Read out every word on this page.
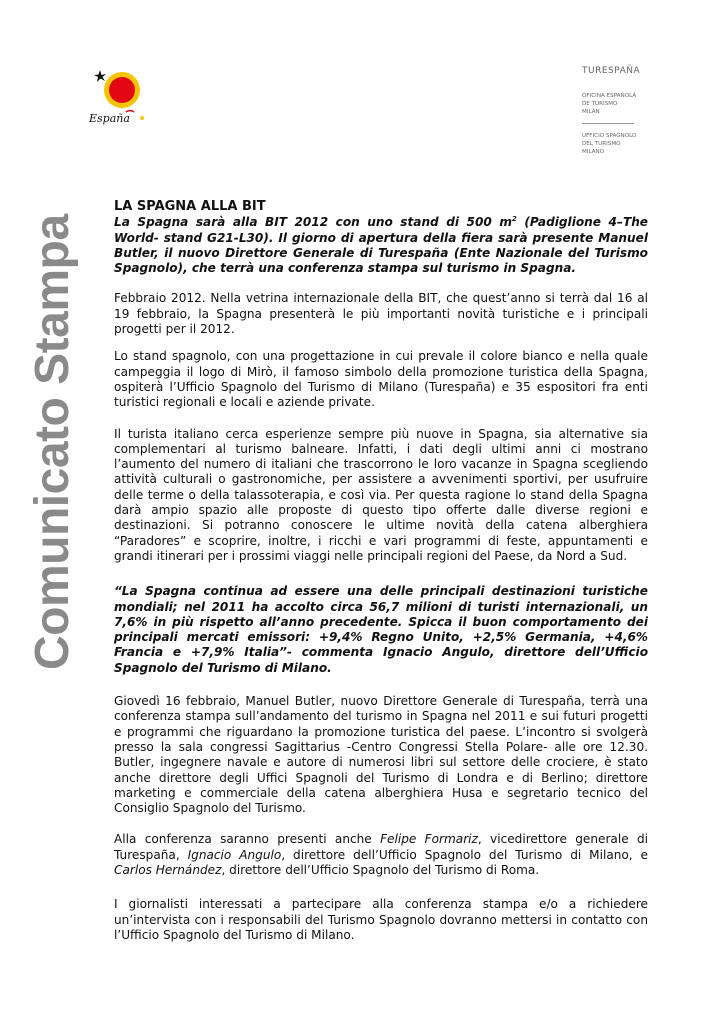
España
TURESPAÑA
OFICINA ESPAÑOLA
DE TURISMO
MILÁN
UFFICIO SPAGNOLO
DEL TURISMO
MILANO
Comunicato Stampa
LA SPAGNA ALLA BIT
La Spagna sarà alla BIT 2012 con uno stand di 500 $m^2$ (Padiglione 4–The World- stand G21-L30). Il giorno di apertura della fiera sarà presente Manuel Butler, il nuovo Direttore Generale di Turespaña (Ente Nazionale del Turismo Spagnolo), che terrà una conferenza stampa sul turismo in Spagna.

Febbraio 2012. Nella vetrina internazionale della BIT, che quest’anno si terrà dal 16 al 19 febbraio, la Spagna presenterà le più importanti novità turistiche e i principali progetti per il 2012.

Lo stand spagnolo, con una progettazione in cui prevale il colore bianco e nella quale campeggia il logo di Mirò, il famoso simbolo della promozione turistica della Spagna, ospiterà l’Ufficio Spagnolo del Turismo di Milano (Turespaña) e 35 espositori fra enti turistici regionali e locali e aziende private.

Il turista italiano cerca esperienze sempre più nuove in Spagna, sia alternative sia complementari al turismo balneare. Infatti, i dati degli ultimi anni ci mostrano l’aumento del numero di italiani che trascorrono le loro vacanze in Spagna scegliendo attività culturali o gastronomiche, per assistere a avvenimenti sportivi, per usufruire delle terme o della talassoterapia, e così via. Per questa ragione lo stand della Spagna darà ampio spazio alle proposte di questo tipo offerte dalle diverse regioni e destinazioni. Si potranno conoscere le ultime novità della catena alberghiera “Paradores” e scoprire, inoltre, i ricchi e vari programmi di feste, appuntamenti e grandi itinerari per i prossimi viaggi nelle principali regioni del Paese, da Nord a Sud.

“La Spagna continua ad essere una delle principali destinazioni turistiche mondiali; nel 2011 ha accolto circa 56,7 milioni di turisti internazionali, un 7,6% in più rispetto all’anno precedente. Spicca il buon comportamento dei principali mercati emissori: +9,4% Regno Unito, +2,5% Germania, +4,6% Francia e +7,9% Italia”- commenta Ignacio Angulo, direttore dell’Ufficio Spagnolo del Turismo di Milano.

Giovedì 16 febbraio, Manuel Butler, nuovo Direttore Generale di Turespaña, terrà una conferenza stampa sull’andamento del turismo in Spagna nel 2011 e sui futuri progetti e programmi che riguardano la promozione turistica del paese. L’incontro si svolgerà presso la sala congressi Sagittarius -Centro Congressi Stella Polare- alle ore 12.30. Butler, ingegnere navale e autore di numerosi libri sul settore delle crociere, è stato anche direttore degli Uffici Spagnoli del Turismo di Londra e di Berlino; direttore marketing e commerciale della catena alberghiera Husa e segretario tecnico del Consiglio Spagnolo del Turismo.

Alla conferenza saranno presenti anche Felipe Formariz, vicedirettore generale di Turespaña, Ignacio Angulo, direttore dell’Ufficio Spagnolo del Turismo di Milano, e Carlos Hernández, direttore dell’Ufficio Spagnolo del Turismo di Roma.

I giornalisti interessati a partecipare alla conferenza stampa e/o a richiedere un’intervista con i responsabili del Turismo Spagnolo dovranno mettersi in contatto con l’Ufficio Spagnolo del Turismo di Milano.
